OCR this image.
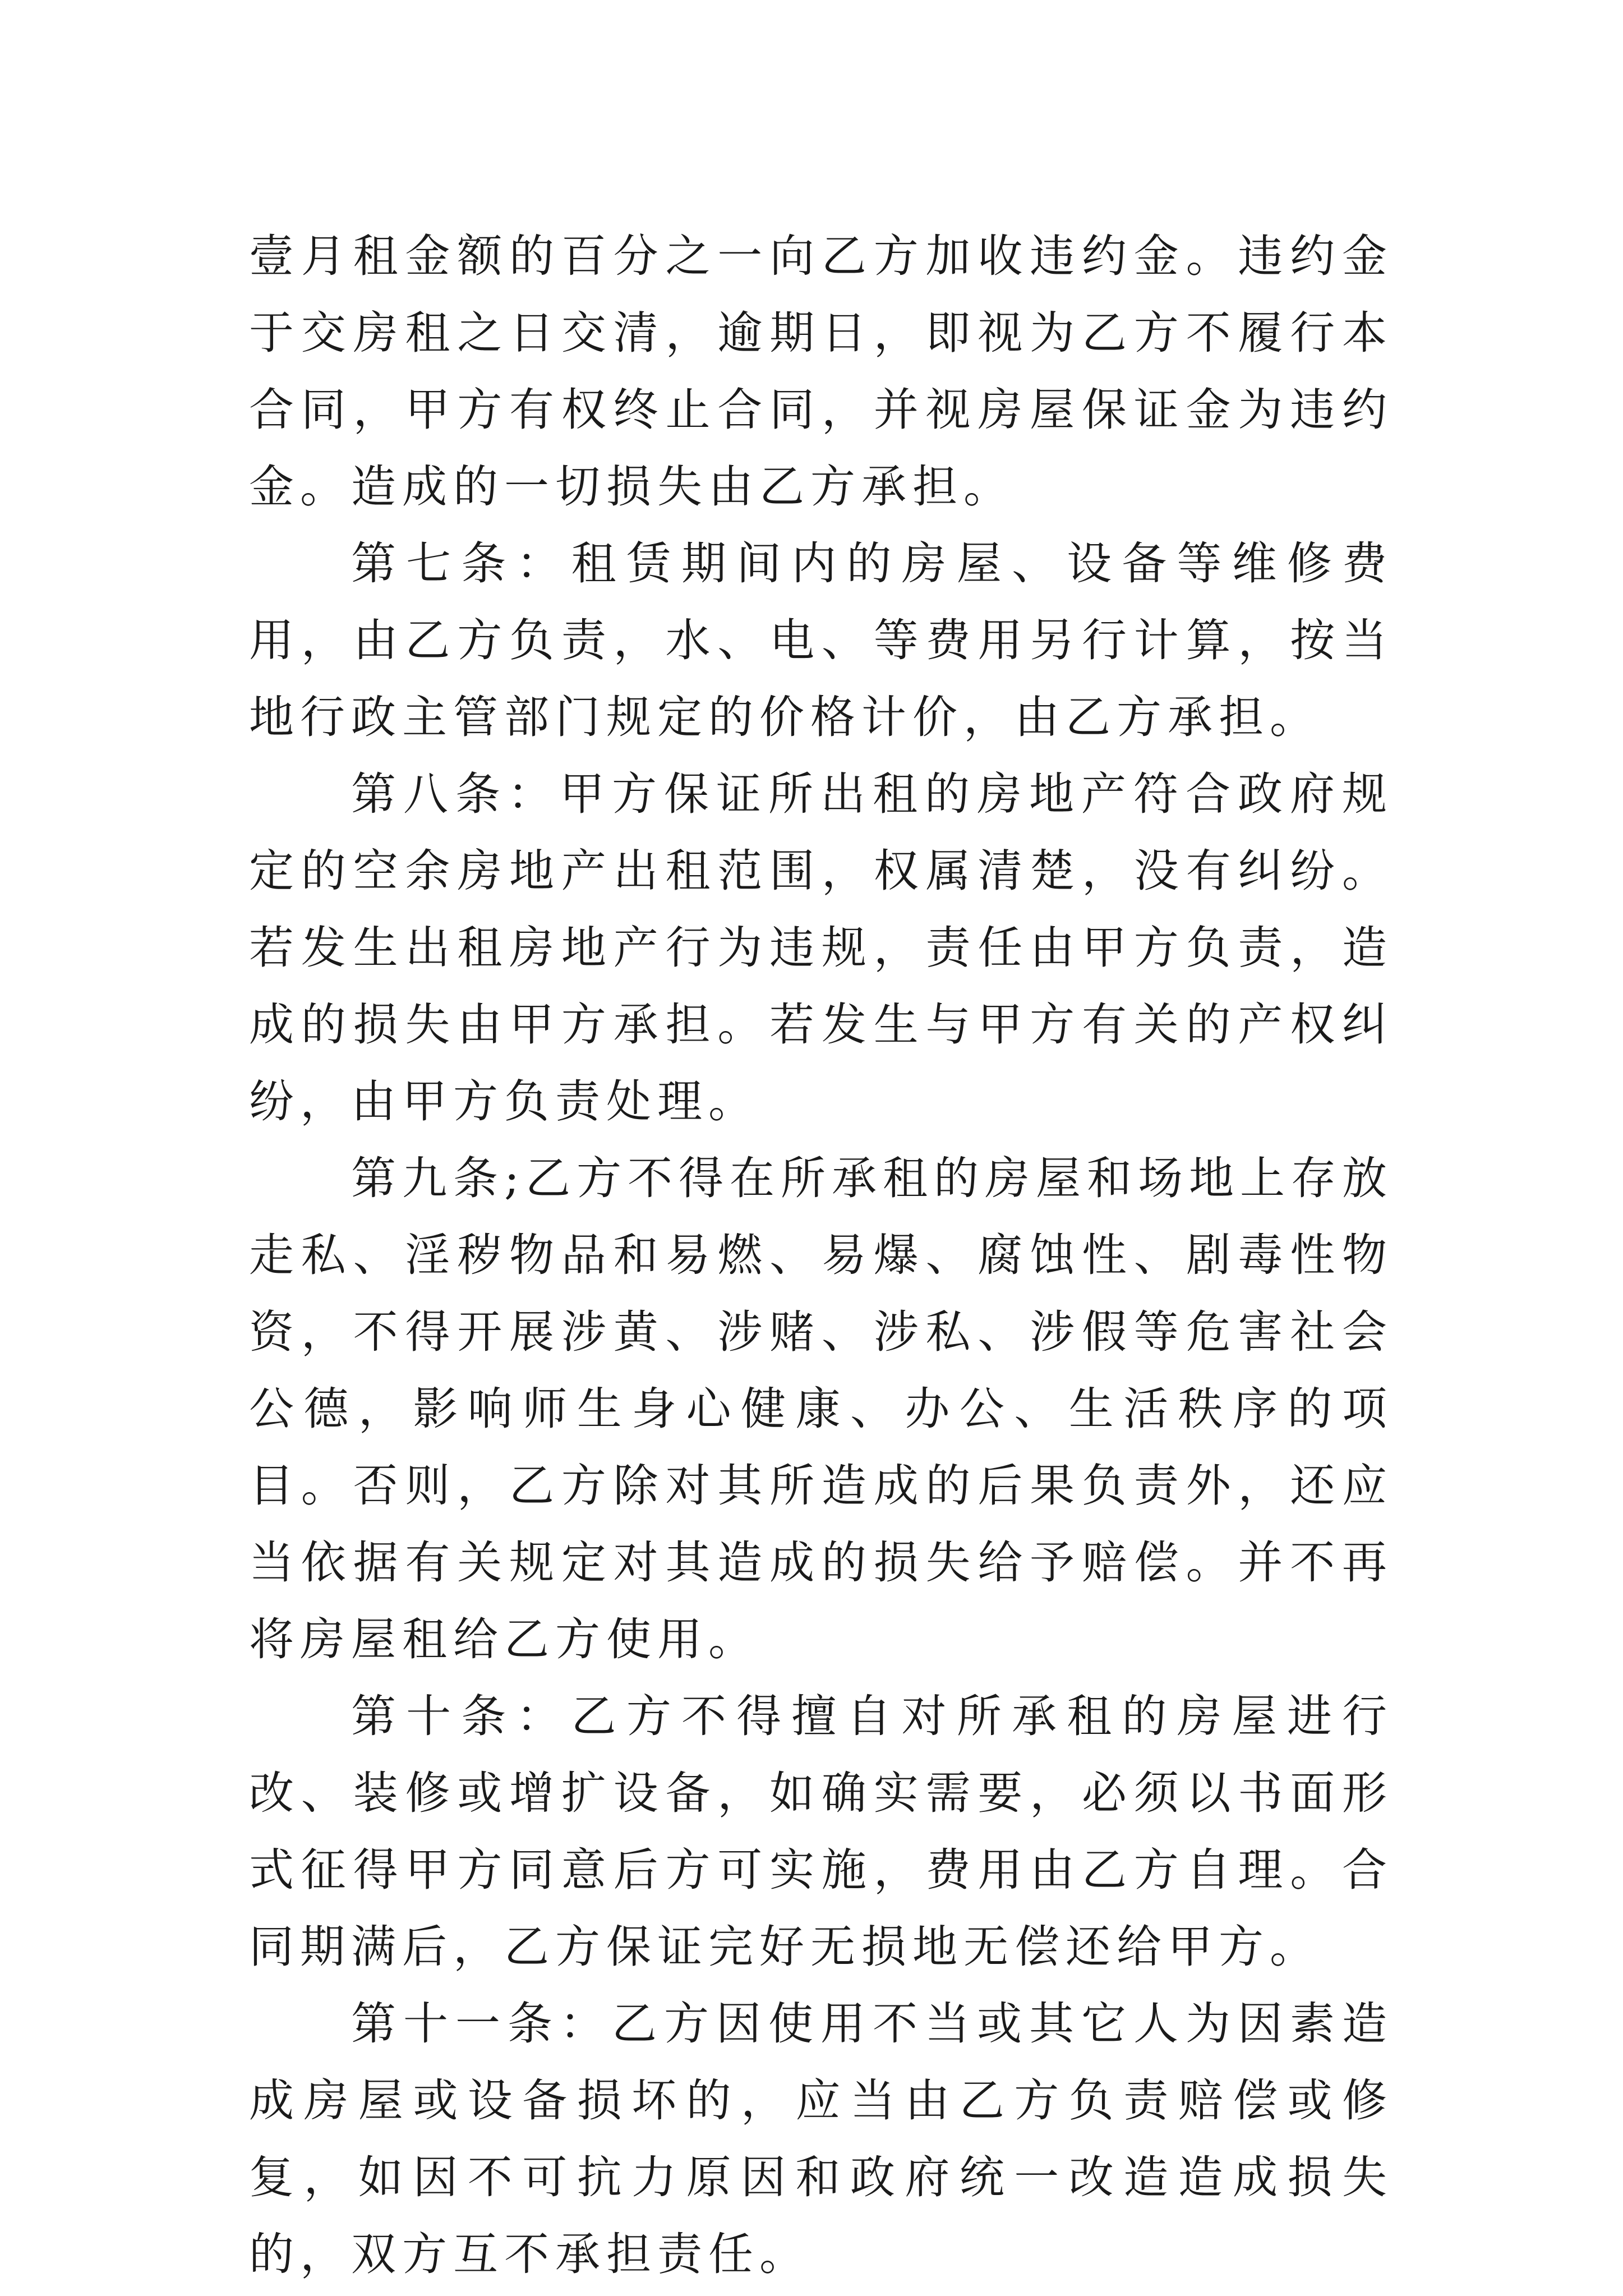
壹月租金额的百分之一向乙方加收违约金。违约金于交房租之日交清，逾期日，即视为乙方不履行本合同，甲方有权终止合同，并视房屋保证金为违约金。造成的一切损失由乙方承担。

第七条：租赁期间内的房屋、设备等维修费用，由乙方负责，水、电、等费用另行计算，按当地行政主管部门规定的价格计价，由乙方承担。

第八条：甲方保证所出租的房地产符合政府规定的空余房地产出租范围，权属清楚，没有纠纷。若发生出租房地产行为违规，责任由甲方负责，造成的损失由甲方承担。若发生与甲方有关的产权纠纷，由甲方负责处理。

第九条;乙方不得在所承租的房屋和场地上存放走私、淫秽物品和易燃、易爆、腐蚀性、剧毒性物资，不得开展涉黄、涉赌、涉私、涉假等危害社会公德，影响师生身心健康、办公、生活秩序的项目。否则，乙方除对其所造成的后果负责外，还应当依据有关规定对其造成的损失给予赔偿。并不再将房屋租给乙方使用。

第十条：乙方不得擅自对所承租的房屋进行改、装修或增扩设备，如确实需要，必须以书面形式征得甲方同意后方可实施，费用由乙方自理。合同期满后，乙方保证完好无损地无偿还给甲方。

第十一条：乙方因使用不当或其它人为因素造成房屋或设备损坏的，应当由乙方负责赔偿或修复，如因不可抗力原因和政府统一改造造成损失的，双方互不承担责任。
